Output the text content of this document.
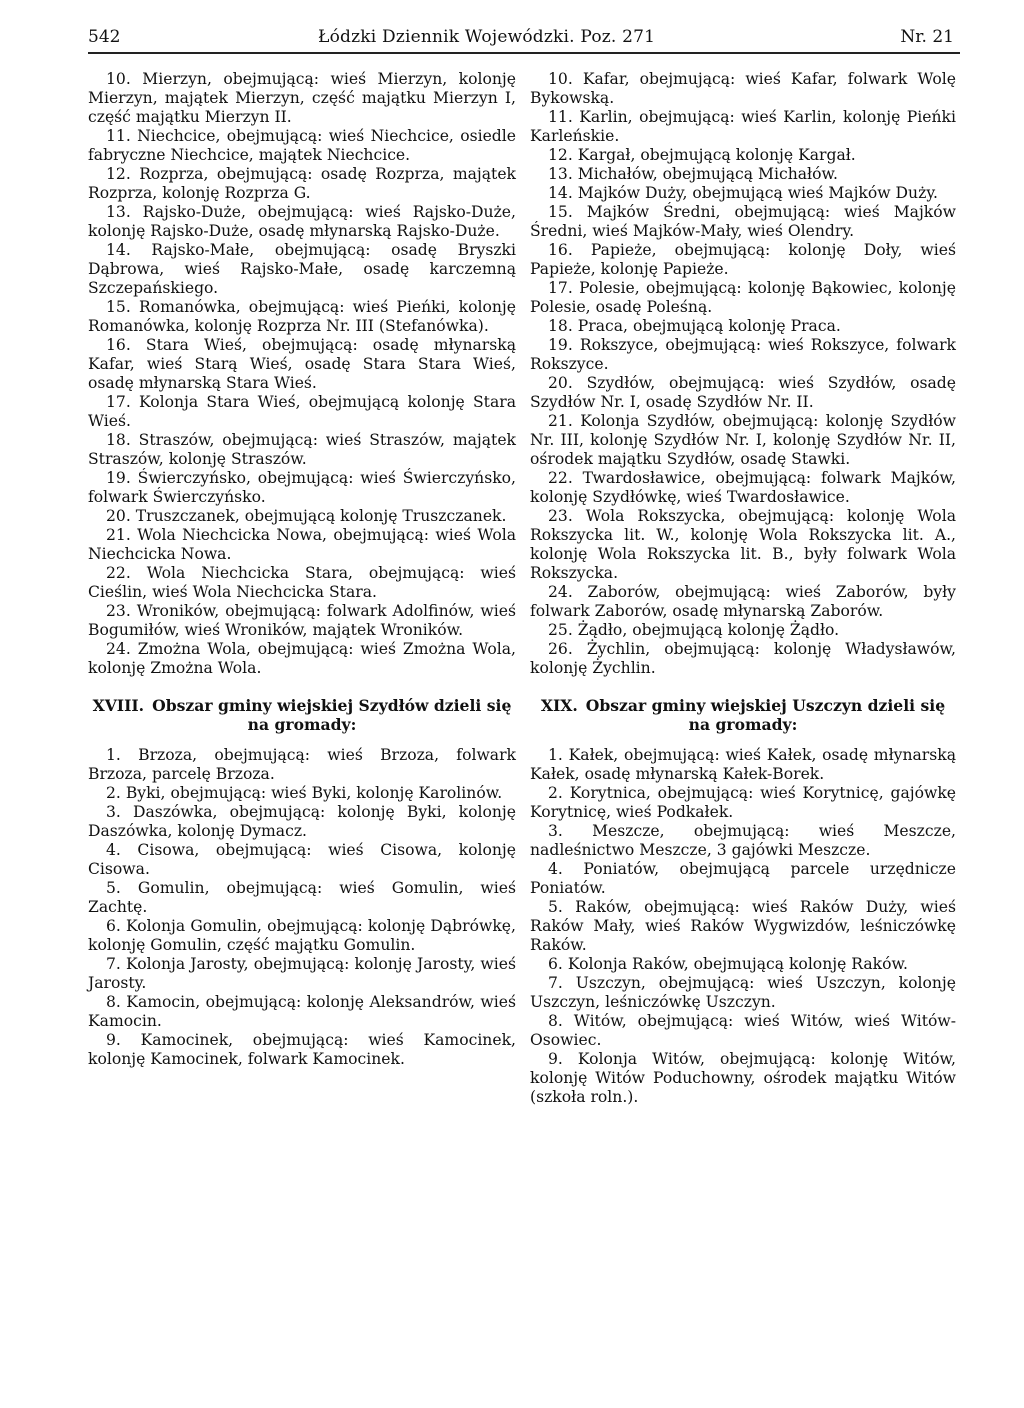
542	Łódzki Dziennik Wojewódzki. Poz. 271	Nr. 21

10. Mierzyn, obejmującą: wieś Mierzyn, kolonję Mierzyn, majątek Mierzyn, część majątku Mierzyn I, część majątku Mierzyn II.

11. Niechcice, obejmującą: wieś Niechcice, osiedle fabryczne Niechcice, majątek Niechcice.

12. Rozprza, obejmującą: osadę Rozprza, majątek Rozprza, kolonję Rozprza G.

13. Rajsko-Duże, obejmującą: wieś Rajsko-Duże, kolonję Rajsko-Duże, osadę młynarską Rajsko-Duże.

14. Rajsko-Małe, obejmującą: osadę Bryszki Dąbrowa, wieś Rajsko-Małe, osadę karczemną Szczepańskiego.

15. Romanówka, obejmującą: wieś Pieńki, kolonję Romanówka, kolonję Rozprza Nr. III (Stefanówka).

16. Stara Wieś, obejmującą: osadę młynarską Kafar, wieś Starą Wieś, osadę Stara Stara Wieś, osadę młynarską Stara Wieś.

17. Kolonja Stara Wieś, obejmującą kolonję Stara Wieś.

18. Straszów, obejmującą: wieś Straszów, majątek Straszów, kolonję Straszów.

19. Świerczyńsko, obejmującą: wieś Świerczyńsko, folwark Świerczyńsko.

20. Truszczanek, obejmującą kolonję Truszczanek.

21. Wola Niechcicka Nowa, obejmującą: wieś Wola Niechcicka Nowa.

22. Wola Niechcicka Stara, obejmującą: wieś Cieślin, wieś Wola Niechcicka Stara.

23. Wroników, obejmującą: folwark Adolfinów, wieś Bogumiłów, wieś Wroników, majątek Wroników.

24. Zmożna Wola, obejmującą: wieś Zmożna Wola, kolonję Zmożna Wola.

XVIII. Obszar gminy wiejskiej Szydłów dzieli się na gromady:

1. Brzoza, obejmującą: wieś Brzoza, folwark Brzoza, parcelę Brzoza.

2. Byki, obejmującą: wieś Byki, kolonję Karolinów.

3. Daszówka, obejmującą: kolonję Byki, kolonję Daszówka, kolonję Dymacz.

4. Cisowa, obejmującą: wieś Cisowa, kolonję Cisowa.

5. Gomulin, obejmującą: wieś Gomulin, wieś Zachtę.

6. Kolonja Gomulin, obejmującą: kolonję Dąbrówkę, kolonję Gomulin, część majątku Gomulin.

7. Kolonja Jarosty, obejmującą: kolonję Jarosty, wieś Jarosty.

8. Kamocin, obejmującą: kolonję Aleksandrów, wieś Kamocin.

9. Kamocinek, obejmującą: wieś Kamocinek, kolonję Kamocinek, folwark Kamocinek.

10. Kafar, obejmującą: wieś Kafar, folwark Wolę Bykowską.

11. Karlin, obejmującą: wieś Karlin, kolonję Pieńki Karleńskie.

12. Kargał, obejmującą kolonję Kargał.

13. Michałów, obejmującą Michałów.

14. Majków Duży, obejmującą wieś Majków Duży.

15. Majków Średni, obejmującą: wieś Majków Średni, wieś Majków-Mały, wieś Olendry.

16. Papieże, obejmującą: kolonję Doły, wieś Papieże, kolonję Papieże.

17. Polesie, obejmującą: kolonję Bąkowiec, kolonję Polesie, osadę Poleśną.

18. Praca, obejmującą kolonję Praca.

19. Rokszyce, obejmującą: wieś Rokszyce, folwark Rokszyce.

20. Szydłów, obejmującą: wieś Szydłów, osadę Szydłów Nr. I, osadę Szydłów Nr. II.

21. Kolonja Szydłów, obejmującą: kolonję Szydłów Nr. III, kolonję Szydłów Nr. I, kolonję Szydłów Nr. II, ośrodek majątku Szydłów, osadę Stawki.

22. Twardosławice, obejmującą: folwark Majków, kolonję Szydłówkę, wieś Twardosławice.

23. Wola Rokszycka, obejmującą: kolonję Wola Rokszycka lit. W., kolonję Wola Rokszycka lit. A., kolonję Wola Rokszycka lit. B., były folwark Wola Rokszycka.

24. Zaborów, obejmującą: wieś Zaborów, były folwark Zaborów, osadę młynarską Zaborów.

25. Żądło, obejmującą kolonję Żądło.

26. Żychlin, obejmującą: kolonję Władysławów, kolonję Żychlin.

XIX. Obszar gminy wiejskiej Uszczyn dzieli się na gromady:

1. Kałek, obejmującą: wieś Kałek, osadę młynarską Kałek, osadę młynarską Kałek-Borek.

2. Korytnica, obejmującą: wieś Korytnicę, gajówkę Korytnicę, wieś Podkałek.

3. Meszcze, obejmującą: wieś Meszcze, nadleśnictwo Meszcze, 3 gajówki Meszcze.

4. Poniatów, obejmującą parcele urzędnicze Poniatów.

5. Raków, obejmującą: wieś Raków Duży, wieś Raków Mały, wieś Raków Wygwizdów, leśniczówkę Raków.

6. Kolonja Raków, obejmującą kolonję Raków.

7. Uszczyn, obejmującą: wieś Uszczyn, kolonję Uszczyn, leśniczówkę Uszczyn.

8. Witów, obejmującą: wieś Witów, wieś Witów-Osowiec.

9. Kolonja Witów, obejmującą: kolonję Witów, kolonję Witów Poduchowny, ośrodek majątku Witów (szkoła roln.).
